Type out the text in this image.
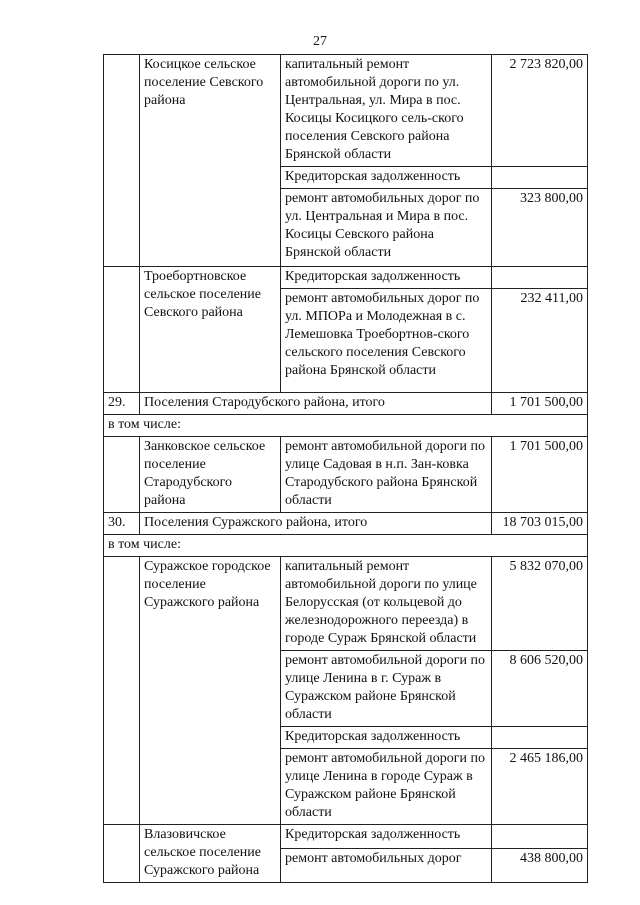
27
	Косицкое сельское поселение Севского района	капитальный ремонт автомобильной дороги по ул. Центральная, ул. Мира в пос. Косицы Косицкого сель-ского поселения Севского района Брянской области	2 723 820,00
		Кредиторская задолженность	
		ремонт автомобильных дорог по ул. Центральная и Мира в пос. Косицы Севского района Брянской области	323 800,00
	Троебортновское сельское поселение Севского района	Кредиторская задолженность	
		ремонт автомобильных дорог по ул. МПОРа и Молодежная в с. Лемешовка Троебортнов-ского сельского поселения Севского района Брянской области	232 411,00
29.	Поселения Стародубского района, итого		1 701 500,00
в том числе:			
	Занковское сельское поселение Стародубского района	ремонт автомобильной дороги по улице Садовая в н.п. Зан-ковка Стародубского района Брянской области	1 701 500,00
30.	Поселения Суражского района, итого		18 703 015,00
в том числе:			
	Суражское городское поселение Суражского района	капитальный ремонт автомобильной дороги по улице Белорусская (от кольцевой до железнодорожного переезда) в городе Сураж Брянской области	5 832 070,00
		ремонт автомобильной дороги по улице Ленина в г. Сураж в Суражском районе Брянской области	8 606 520,00
		Кредиторская задолженность	
		ремонт автомобильной дороги по улице Ленина в городе Сураж в Суражском районе Брянской области	2 465 186,00
	Влазовичское сельское поселение Суражского района	Кредиторская задолженность	
		ремонт автомобильных дорог	438 800,00
